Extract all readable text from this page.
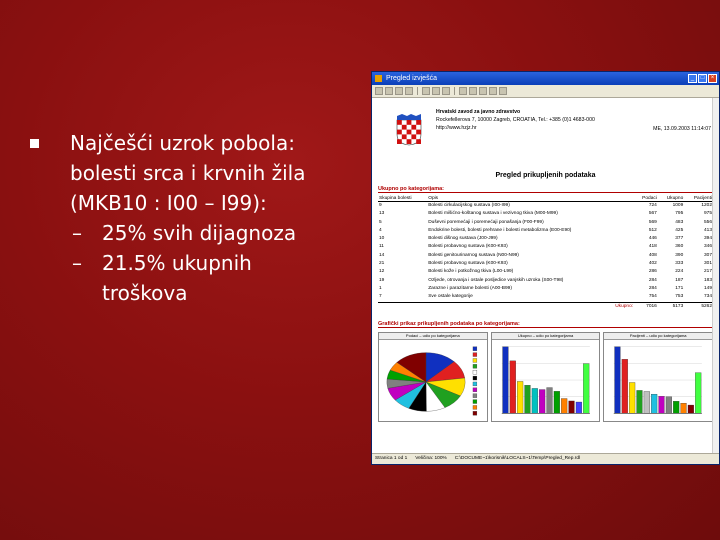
Najčešći uzrok pobola:
bolesti srca i krvnih žila
(MKB10 : I00 – I99):
– 25% svih dijagnoza
– 21.5% ukupnih
troškova
Pregled izvješća	_	□	×
Hrvatski zavod za javno zdravstvo
Rockefellerova 7, 10000 Zagreb, CROATIA, Tel.: +385 (0)1 4683-000
http://www.hzjz.hr	ME, 13.09.2003 11:14:07
Pregled prikupljenih podataka
Ukupno po kategorijama:
Skupina bolesti	Opis	Podaci	Ukupno	Pacijenti
9	Bolesti cirkulacijskog sustava (I00-I99)	724	1009	1202
13	Bolesti mišićno-koštanog sustava i vezivnog tkiva (M00-M99)	567	795	975
5	Duševni poremećaji i poremećaji ponašanja (F00-F99)	569	483	556
4	Endokrine bolesti, bolesti prehrane i bolesti metabolizma (E00-E90)	512	425	413
10	Bolesti dišnog sustava (J00-J99)	446	377	394
11	Bolesti probavnog sustava (K00-K93)	418	360	346
14	Bolesti genitourinarnog sustava (N00-N99)	408	390	307
21	Bolesti probavnog sustava (K00-K93)	402	333	301
12	Bolesti kože i potkožnog tkiva (L00-L99)	286	224	217
19	Ozljede, otrovanja i ostale posljedice vanjskih uzroka (S00-T98)	284	187	183
1	Zarazne i parazitarne bolesti (A00-B99)	284	171	149
7	Sve ostale kategorije	754	753	734
	Ukupno:	7016	5173	5262
Grafički prikaz prikupljenih podataka po kategorijama:
Podaci – udio po kategorijama	Ukupno – udio po kategorijama	Pacijenti – udio po kategorijama
Stranica 1 od 1 Veličina: 100% C:\DOCUME~1\korisnik\LOCALS~1\Temp\Pregled_Rep.rdl
